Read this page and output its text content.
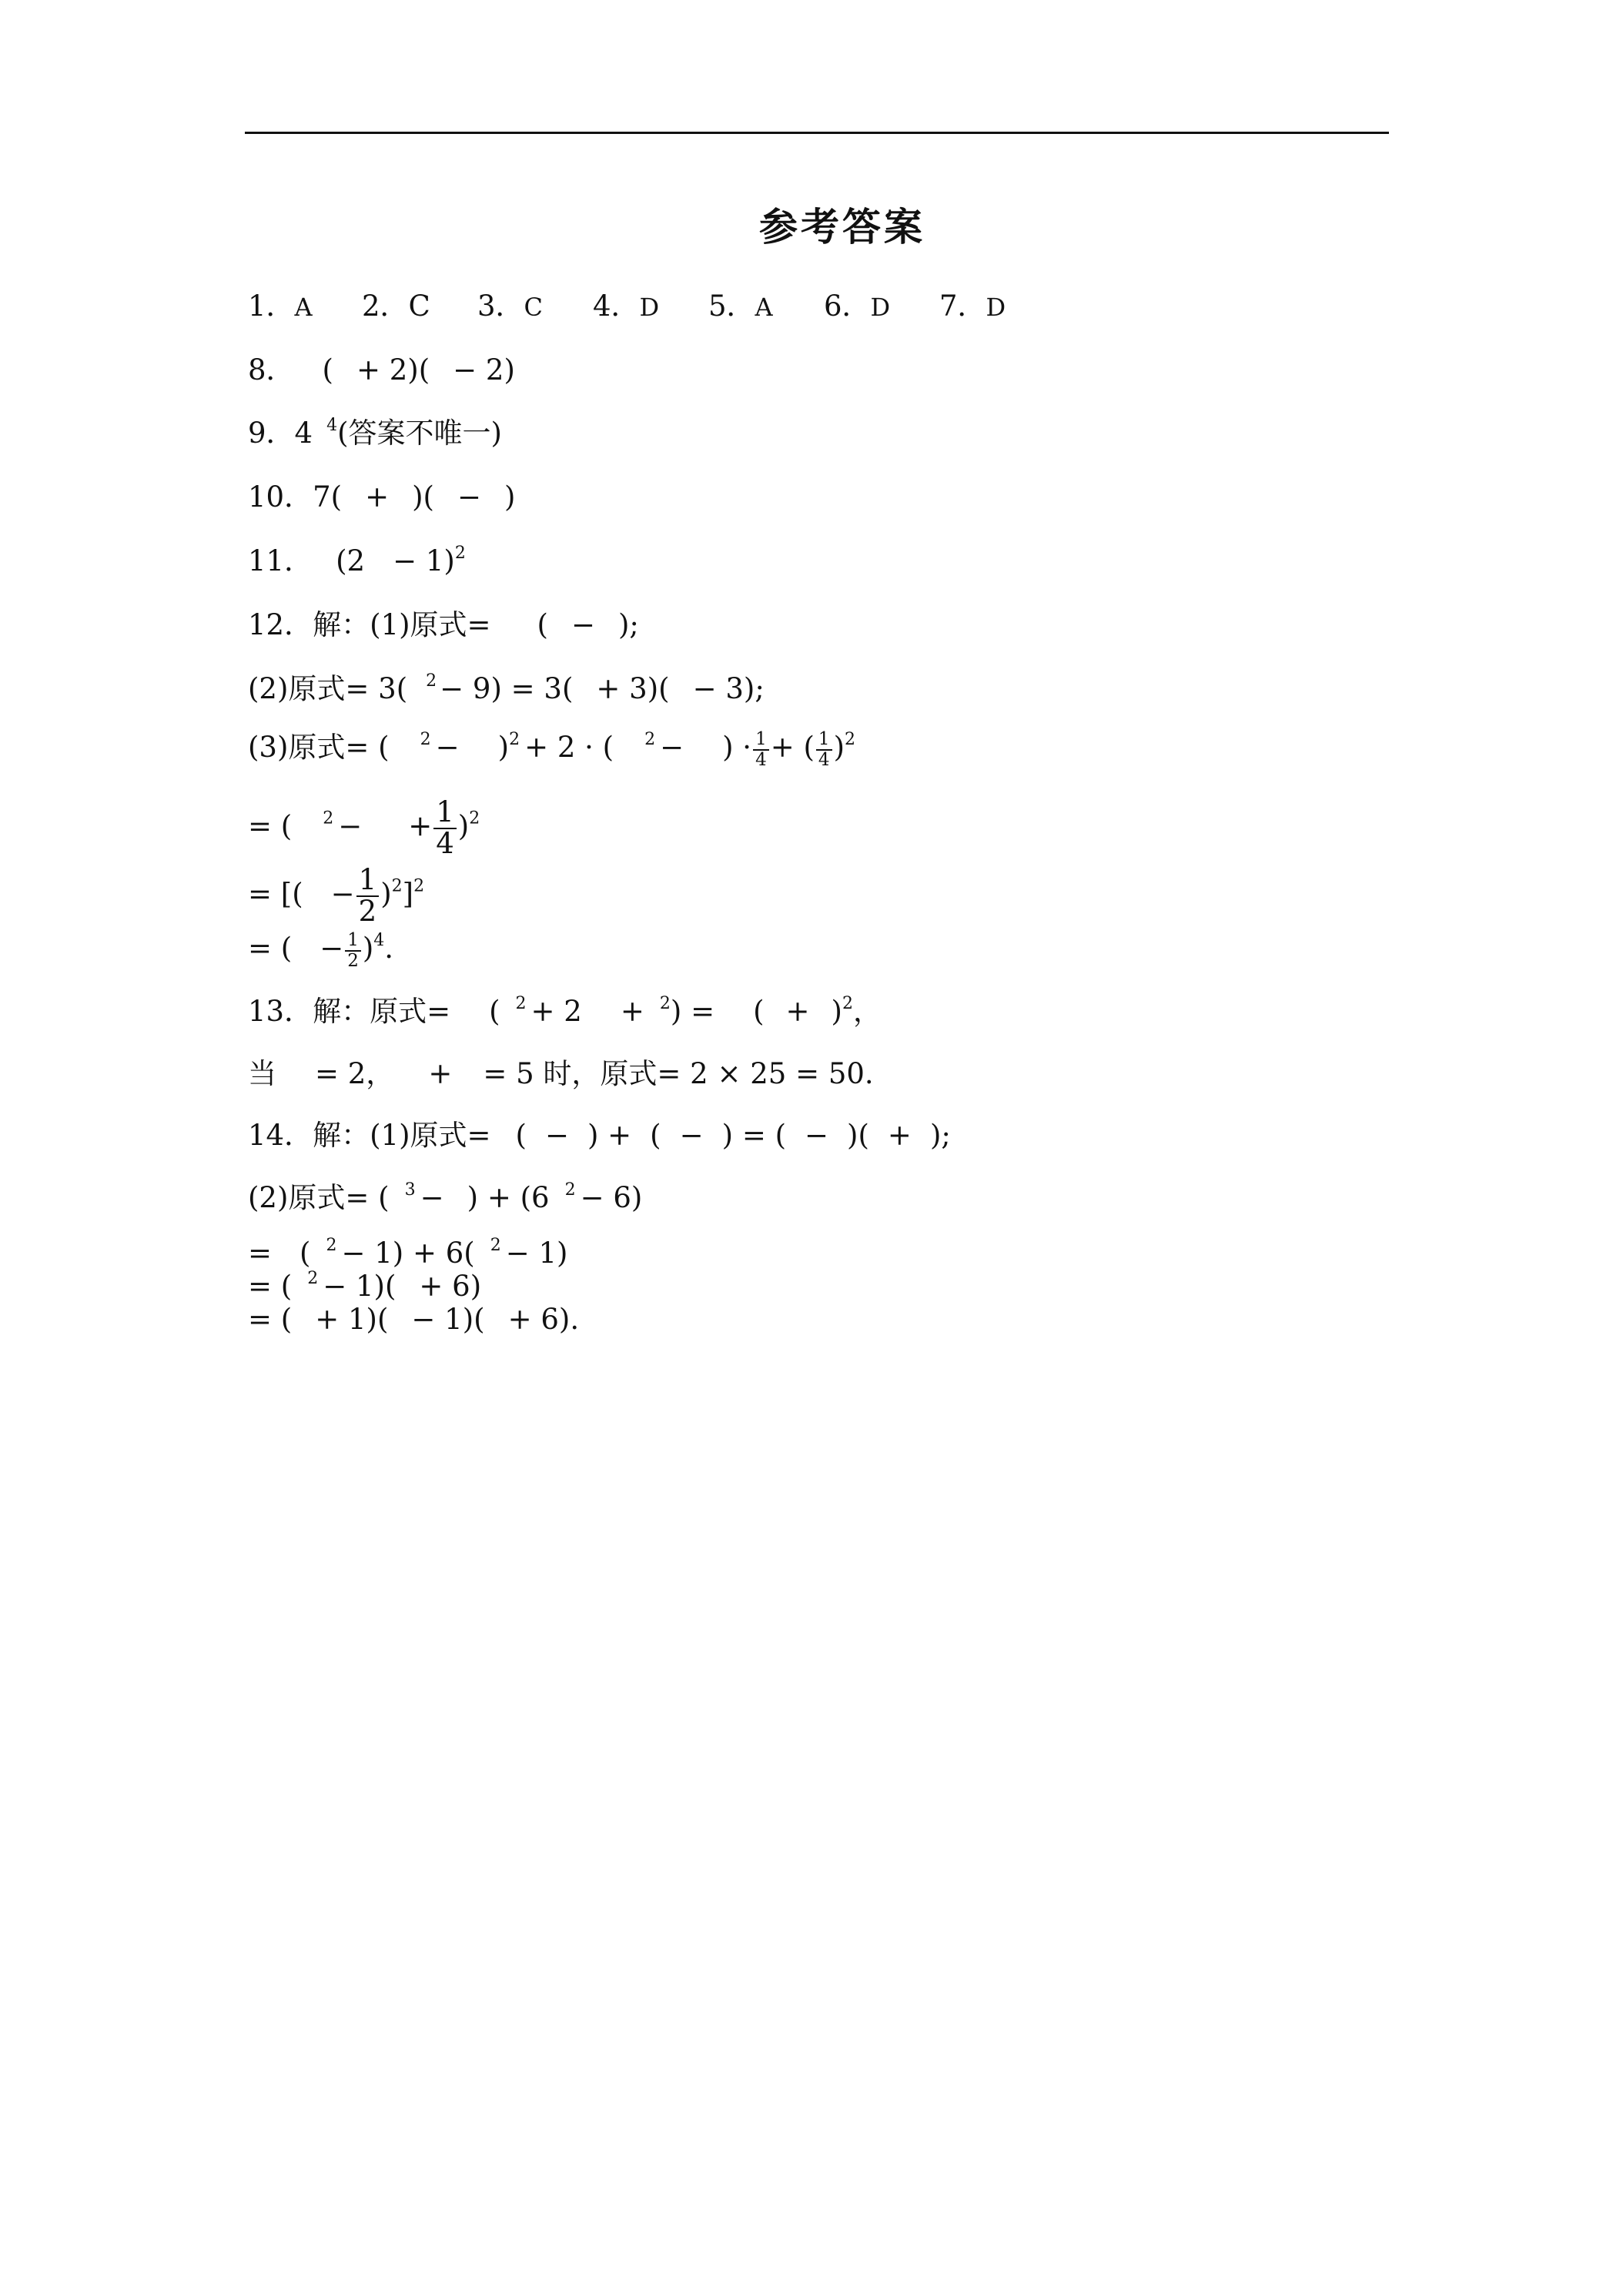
参考答案
1．A 2．C 3．C 4．D 5．A 6．D 7．D
8． ( + 2)( − 2)
9．4 $^4$(答案不唯一)
10．7( + )( − )
11． $(2 - 1)^2$
12．解：(1)原式= ( − );
(2)原式= 3( $^2$ − 9) = 3( + 3)( − 3);
(3)原式= ( $^2$ − )$^2$ + 2 · ( $^2$ − ) · $\frac{1}{4}$ + ( $\frac{1}{4} )^2$
= ( $^2$ − + $\frac{1}{4} )^2$
= [( − $\frac{1}{2} )^2]^2$
= ( − $\frac{1}{2} )^4$.
13．解：原式= ( $^2$ + 2 + $^2$) = ( + )$^2$，
当 = 2， + = 5 时，原式= 2 × 25 = 50.
14．解：(1)原式= ( − ) + ( − ) = ( − )( + );
(2)原式= ( $^3$ − ) + (6 $^2$ − 6)
= ( $^2$ − 1) + 6( $^2$ − 1)
= ( $^2$ − 1)( + 6)
= ( + 1)( − 1)( + 6).
